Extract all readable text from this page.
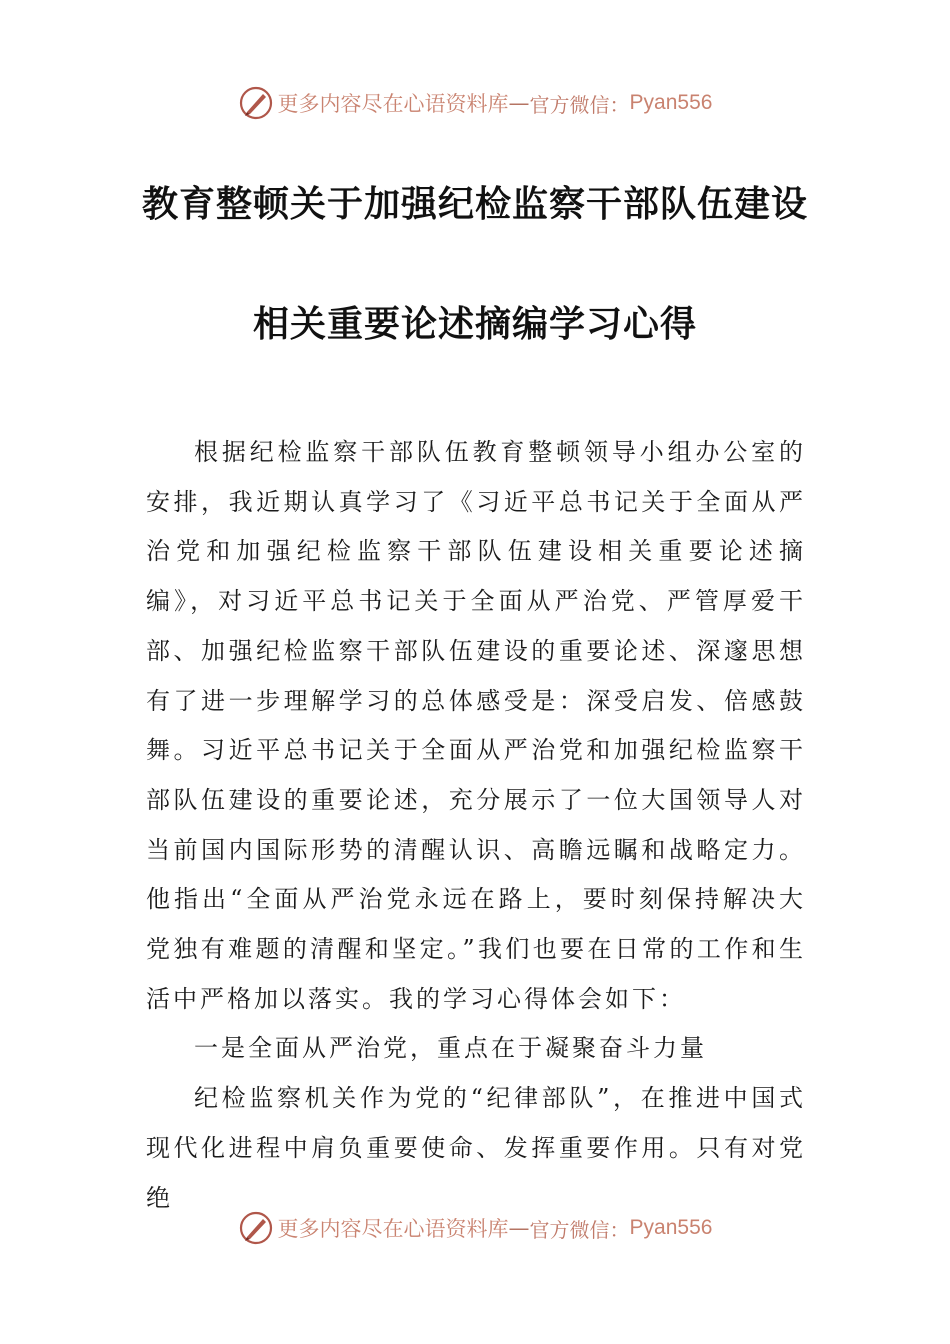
更多内容尽在心语资料库 — 官方微信： Pyan556
教育整顿关于加强纪检监察干部队伍建设
相关重要论述摘编学习心得

根据纪检监察干部队伍教育整顿领导小组办公室的安排，我近期认真学习了《习近平总书记关于全面从严治党和加强纪检监察干部队伍建设相关重要论述摘编》，对习近平总书记关于全面从严治党、严管厚爱干部、加强纪检监察干部队伍建设的重要论述、深邃思想有了进一步理解学习的总体感受是：深受启发、倍感鼓舞。习近平总书记关于全面从严治党和加强纪检监察干部队伍建设的重要论述，充分展示了一位大国领导人对当前国内国际形势的清醒认识、高瞻远瞩和战略定力。他指出“全面从严治党永远在路上，要时刻保持解决大党独有难题的清醒和坚定。”我们也要在日常的工作和生活中严格加以落实。我的学习心得体会如下：

一是全面从严治党，重点在于凝聚奋斗力量

纪检监察机关作为党的“纪律部队”，在推进中国式现代化进程中肩负重要使命、发挥重要作用。只有对党绝

更多内容尽在心语资料库 — 官方微信： Pyan556
